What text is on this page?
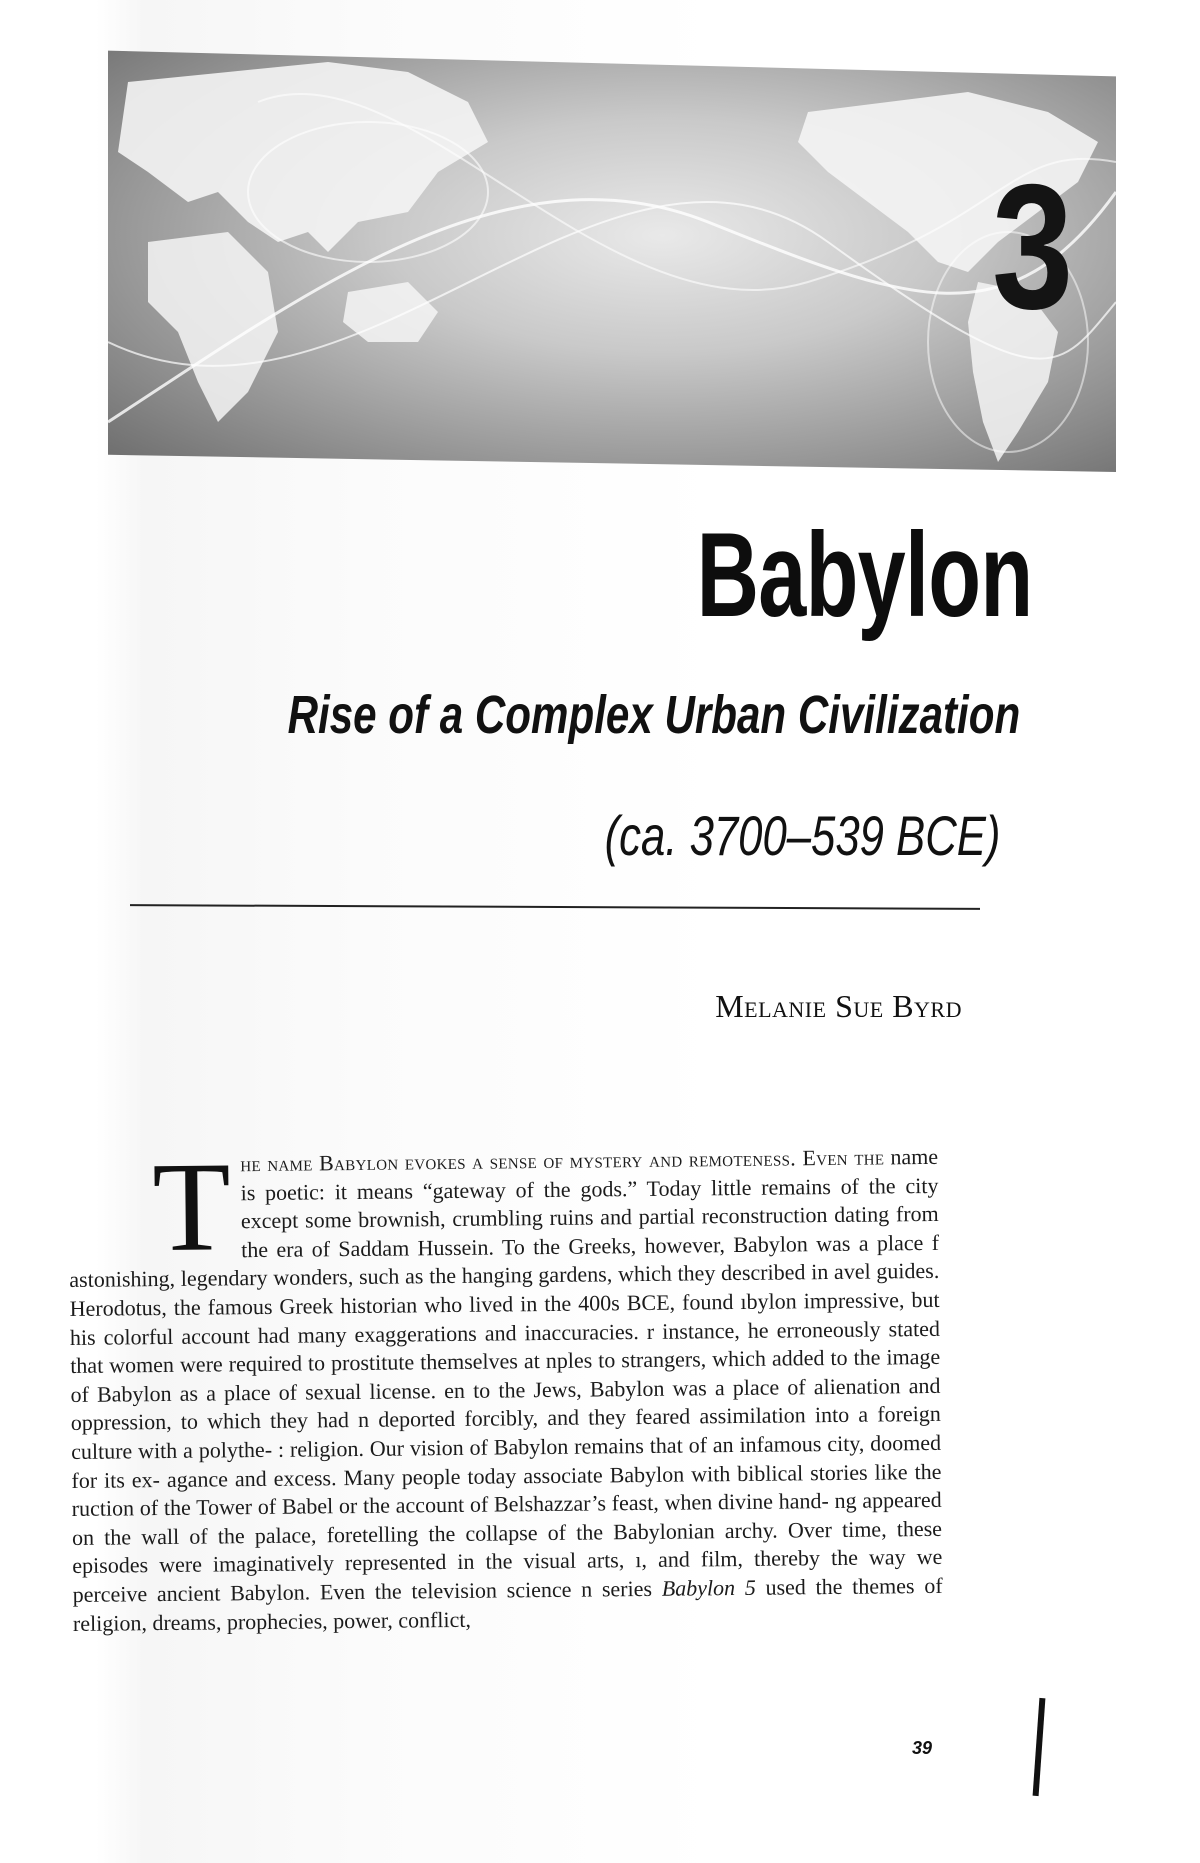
3
Babylon
Rise of a Complex Urban Civilization
(ca. 3700–539 BCE)
Melanie Sue Byrd
The name Babylon evokes a sense of mystery and remoteness. Even the name is poetic: it means “gateway of the gods.” Today little remains of the city except some brownish, crumbling ruins and partial reconstruction dating from the era of Saddam Hussein. To the Greeks, however, Babylon was a place f astonishing, legendary wonders, such as the hanging gardens, which they described in avel guides. Herodotus, the famous Greek historian who lived in the 400s BCE, found ıbylon impressive, but his colorful account had many exaggerations and inaccuracies. r instance, he erroneously stated that women were required to prostitute themselves at nples to strangers, which added to the image of Babylon as a place of sexual license. en to the Jews, Babylon was a place of alienation and oppression, to which they had n deported forcibly, and they feared assimilation into a foreign culture with a polythe- : religion. Our vision of Babylon remains that of an infamous city, doomed for its ex- agance and excess. Many people today associate Babylon with biblical stories like the ruction of the Tower of Babel or the account of Belshazzar’s feast, when divine hand- ng appeared on the wall of the palace, foretelling the collapse of the Babylonian archy. Over time, these episodes were imaginatively represented in the visual arts, ı, and film, thereby the way we perceive ancient Babylon. Even the television science n series Babylon 5 used the themes of religion, dreams, prophecies, power, conflict,
39
